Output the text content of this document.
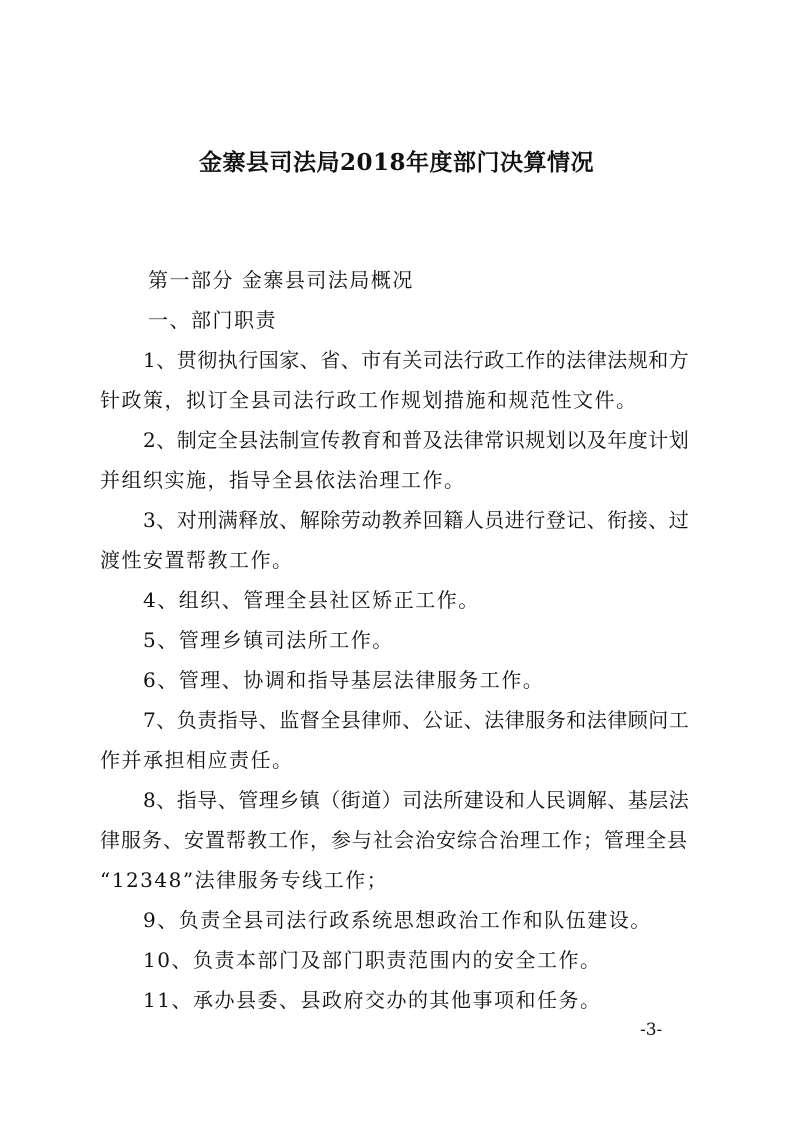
金寨县司法局2018年度部门决算情况
第一部分 金寨县司法局概况
一、部门职责
1、贯彻执行国家、省、市有关司法行政工作的法律法规和方
针政策，拟订全县司法行政工作规划措施和规范性文件。
2、制定全县法制宣传教育和普及法律常识规划以及年度计划
并组织实施，指导全县依法治理工作。
3、对刑满释放、解除劳动教养回籍人员进行登记、衔接、过
渡性安置帮教工作。
4、组织、管理全县社区矫正工作。
5、管理乡镇司法所工作。
6、管理、协调和指导基层法律服务工作。
7、负责指导、监督全县律师、公证、法律服务和法律顾问工
作并承担相应责任。
8、指导、管理乡镇（街道）司法所建设和人民调解、基层法
律服务、安置帮教工作，参与社会治安综合治理工作；管理全县
“12348”法律服务专线工作；
9、负责全县司法行政系统思想政治工作和队伍建设。
10、负责本部门及部门职责范围内的安全工作。
11、承办县委、县政府交办的其他事项和任务。
-3-
